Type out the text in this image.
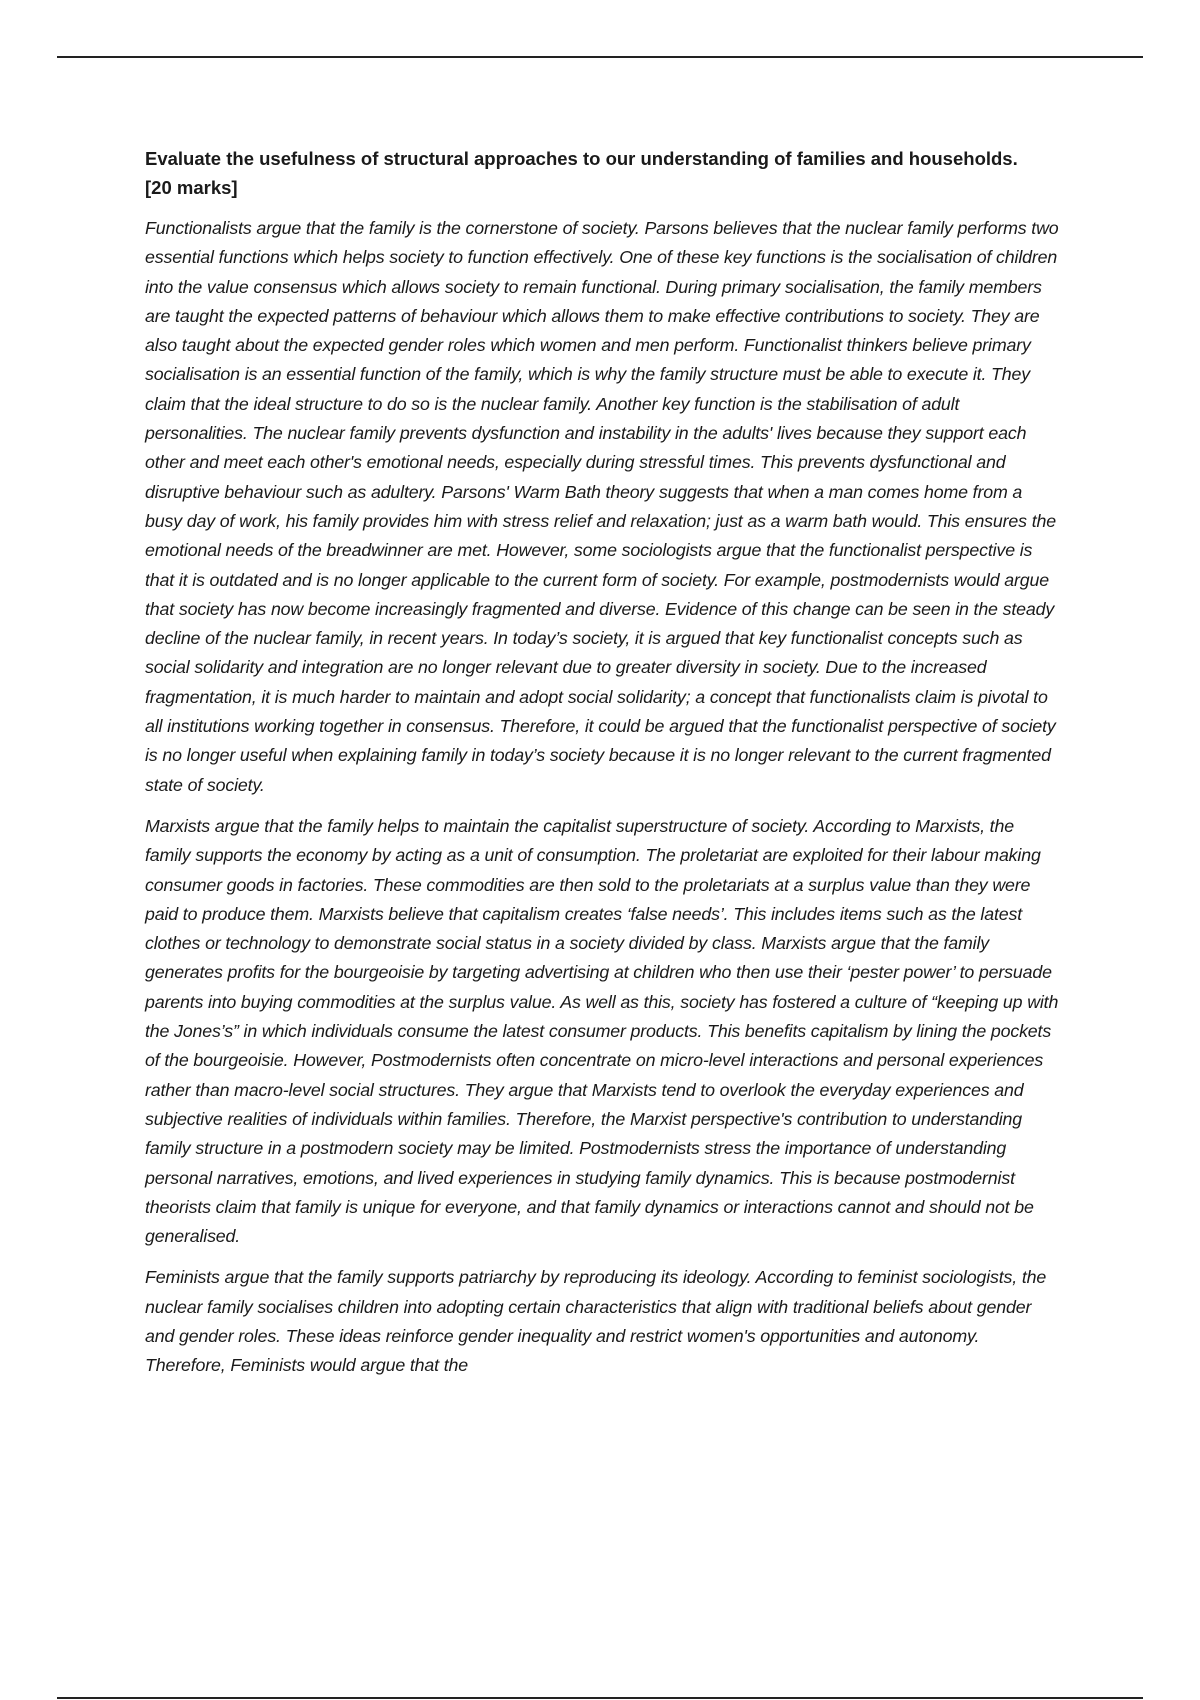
Evaluate the usefulness of structural approaches to our understanding of families and households.
[20 marks]

Functionalists argue that the family is the cornerstone of society. Parsons believes that the nuclear family performs two essential functions which helps society to function effectively. One of these key functions is the socialisation of children into the value consensus which allows society to remain functional. During primary socialisation, the family members are taught the expected patterns of behaviour which allows them to make effective contributions to society. They are also taught about the expected gender roles which women and men perform. Functionalist thinkers believe primary socialisation is an essential function of the family, which is why the family structure must be able to execute it. They claim that the ideal structure to do so is the nuclear family. Another key function is the stabilisation of adult personalities. The nuclear family prevents dysfunction and instability in the adults' lives because they support each other and meet each other's emotional needs, especially during stressful times. This prevents dysfunctional and disruptive behaviour such as adultery. Parsons' Warm Bath theory suggests that when a man comes home from a busy day of work, his family provides him with stress relief and relaxation; just as a warm bath would. This ensures the emotional needs of the breadwinner are met. However, some sociologists argue that the functionalist perspective is that it is outdated and is no longer applicable to the current form of society. For example, postmodernists would argue that society has now become increasingly fragmented and diverse. Evidence of this change can be seen in the steady decline of the nuclear family, in recent years. In today’s society, it is argued that key functionalist concepts such as social solidarity and integration are no longer relevant due to greater diversity in society. Due to the increased fragmentation, it is much harder to maintain and adopt social solidarity; a concept that functionalists claim is pivotal to all institutions working together in consensus. Therefore, it could be argued that the functionalist perspective of society is no longer useful when explaining family in today’s society because it is no longer relevant to the current fragmented state of society.

Marxists argue that the family helps to maintain the capitalist superstructure of society. According to Marxists, the family supports the economy by acting as a unit of consumption. The proletariat are exploited for their labour making consumer goods in factories. These commodities are then sold to the proletariats at a surplus value than they were paid to produce them. Marxists believe that capitalism creates ‘false needs’. This includes items such as the latest clothes or technology to demonstrate social status in a society divided by class. Marxists argue that the family generates profits for the bourgeoisie by targeting advertising at children who then use their ‘pester power’ to persuade parents into buying commodities at the surplus value. As well as this, society has fostered a culture of “keeping up with the Jones’s” in which individuals consume the latest consumer products. This benefits capitalism by lining the pockets of the bourgeoisie. However, Postmodernists often concentrate on micro-level interactions and personal experiences rather than macro-level social structures. They argue that Marxists tend to overlook the everyday experiences and subjective realities of individuals within families. Therefore, the Marxist perspective's contribution to understanding family structure in a postmodern society may be limited. Postmodernists stress the importance of understanding personal narratives, emotions, and lived experiences in studying family dynamics. This is because postmodernist theorists claim that family is unique for everyone, and that family dynamics or interactions cannot and should not be generalised.

Feminists argue that the family supports patriarchy by reproducing its ideology. According to feminist sociologists, the nuclear family socialises children into adopting certain characteristics that align with traditional beliefs about gender and gender roles. These ideas reinforce gender inequality and restrict women's opportunities and autonomy. Therefore, Feminists would argue that the
